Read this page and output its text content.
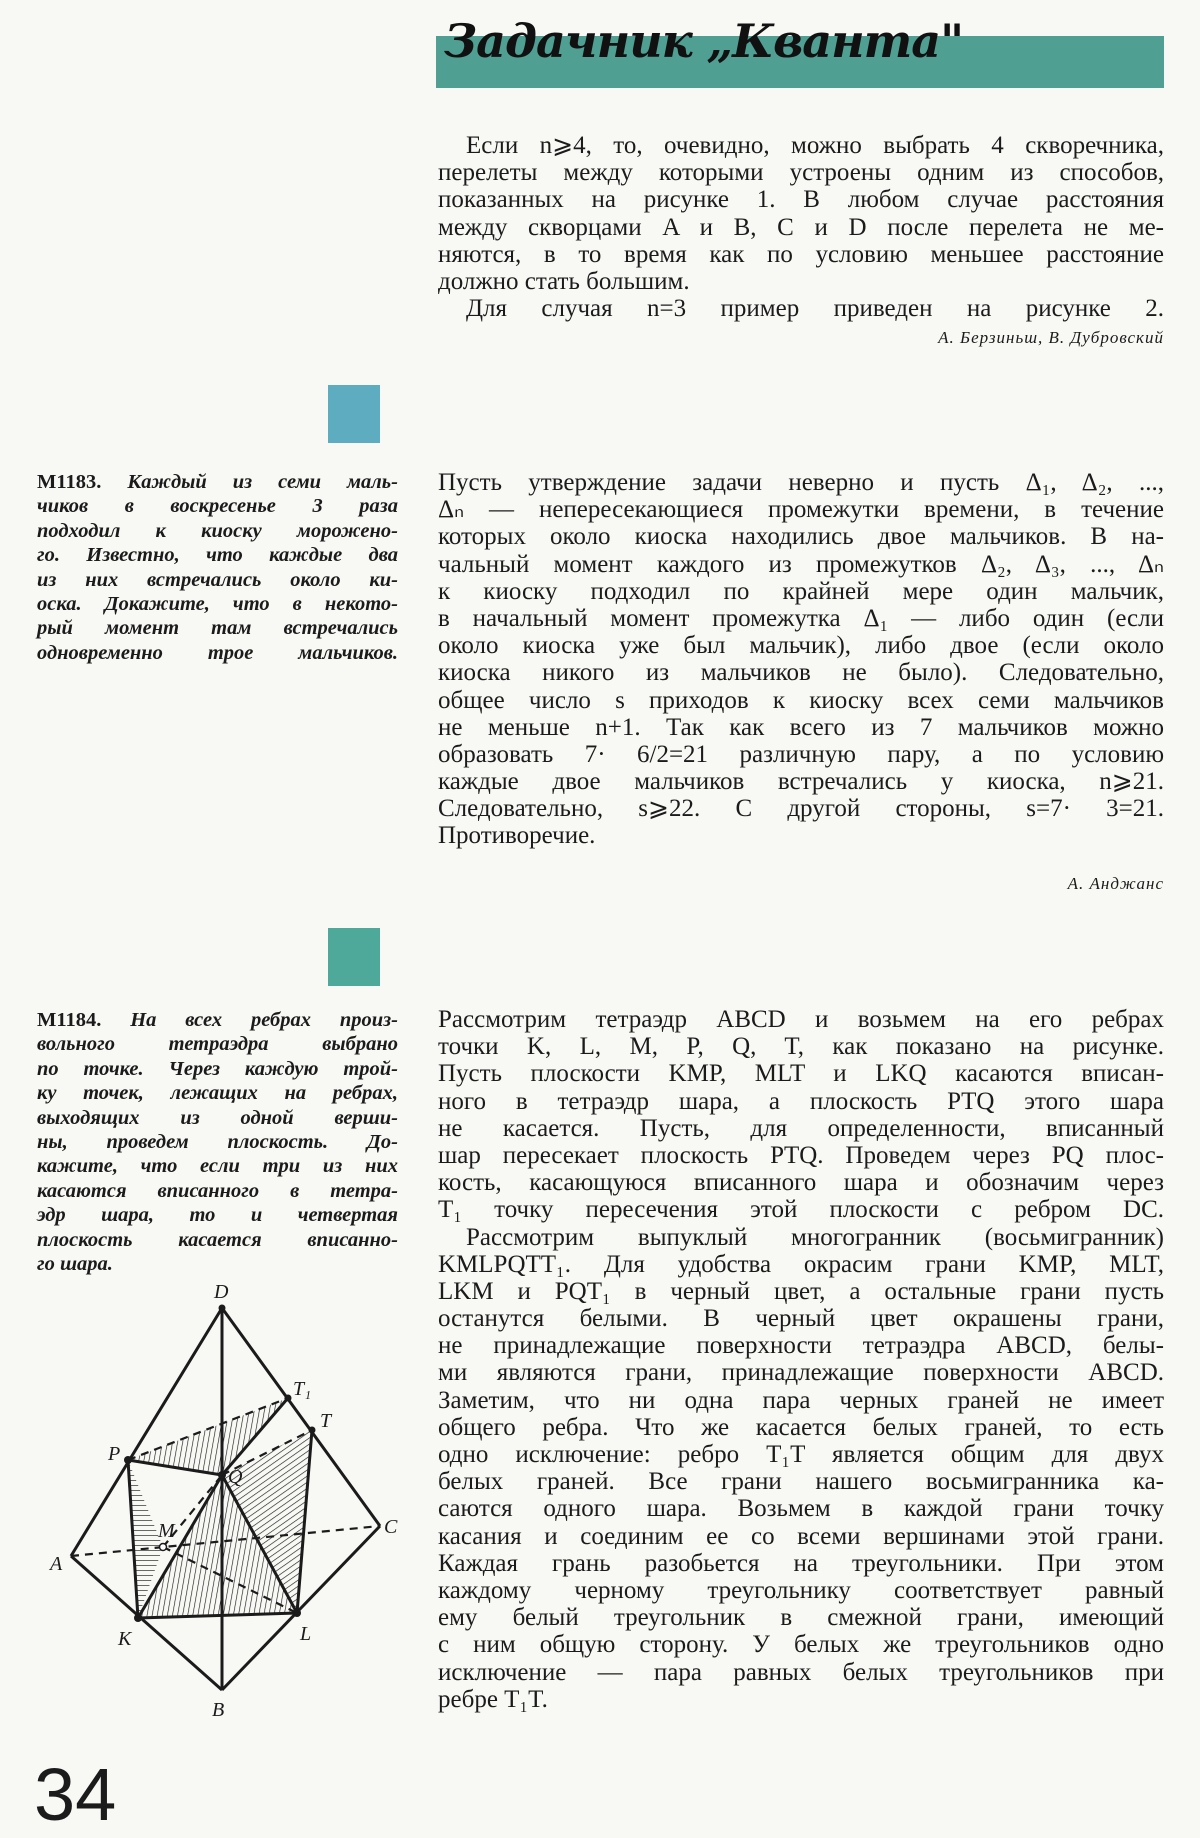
Задачник „Кванта"
Если n⩾4, то, очевидно, можно выбрать 4 скворечника,
перелеты между которыми устроены одним из способов,
показанных на рисунке 1. В любом случае расстояния
между скворцами A и B, C и D после перелета не ме-
няются, в то время как по условию меньшее расстояние
должно стать большим.
Для случая n=3 пример приведен на рисунке 2.
А. Берзиньш, В. Дубровский
М1183. Каждый из семи маль-
чиков в воскресенье 3 раза
подходил к киоску мороженo-
го. Известно, что каждые два
из них встречались около ки-
оска. Докажите, что в некото-
рый момент там встречались
одновременно трое мальчиков.
Пусть утверждение задачи неверно и пусть Δ₁, Δ₂, ...,
Δₙ — непересекающиеся промежутки времени, в течение
которых около киоска находились двое мальчиков. В на-
чальный момент каждого из промежутков Δ₂, Δ₃, ..., Δₙ
к киоску подходил по крайней мере один мальчик,
в начальный момент промежутка Δ₁ — либо один (если
около киоска уже был мальчик), либо двое (если около
киоска никого из мальчиков не было). Следовательно,
общее число s приходов к киоску всех семи мальчиков
не меньше n+1. Так как всего из 7 мальчиков можно
образовать 7· 6/2=21 различную пару, а по условию
каждые двое мальчиков встречались у киоска, n⩾21.
Следовательно, s⩾22. С другой стороны, s=7· 3=21.
Противоречие.
А. Анджанс
М1184. На всех ребрах произ-
вольного тетраэдра выбрано
по точке. Через каждую трой-
ку точек, лежащих на ребрах,
выходящих из одной верши-
ны, проведем плоскость. До-
кажите, что если три из них
касаются вписанного в тетра-
эдр шара, то и четвертая
плоскость касается вписанно-
го шара.
Рассмотрим тетраэдр ABCD и возьмем на его ребрах
точки K, L, M, P, Q, T, как показано на рисунке.
Пусть плоскости KMP, MLT и LKQ касаются вписан-
ного в тетраэдр шара, а плоскость PTQ этого шара
не касается. Пусть, для определенности, вписанный
шар пересекает плоскость PTQ. Проведем через PQ плос-
кость, касающуюся вписанного шара и обозначим через
T₁ точку пересечения этой плоскости с ребром DC.
Рассмотрим выпуклый многогранник (восьмигранник)
KMLPQTT₁. Для удобства окрасим грани KMP, MLT,
LKM и PQT₁ в черный цвет, а остальные грани пусть
останутся белыми. В черный цвет окрашены грани,
не принадлежащие поверхности тетраэдра ABCD, белы-
ми являются грани, принадлежащие поверхности ABCD.
Заметим, что ни одна пара черных граней не имеет
общего ребра. Что же касается белых граней, то есть
одно исключение: ребро T₁T является общим для двух
белых граней. Все грани нашего восьмигранника ка-
саются одного шара. Возьмем в каждой грани точку
касания и соединим ее со всеми вершинами этой грани.
Каждая грань разобьется на треугольники. При этом
каждому черному треугольнику соответствует равный
ему белый треугольник в смежной грани, имеющий
с ним общую сторону. У белых же треугольников одно
исключение — пара равных белых треугольников при
ребре T₁T.
D
T₁
T
P
Q
M	C
A
K	L
B
34
